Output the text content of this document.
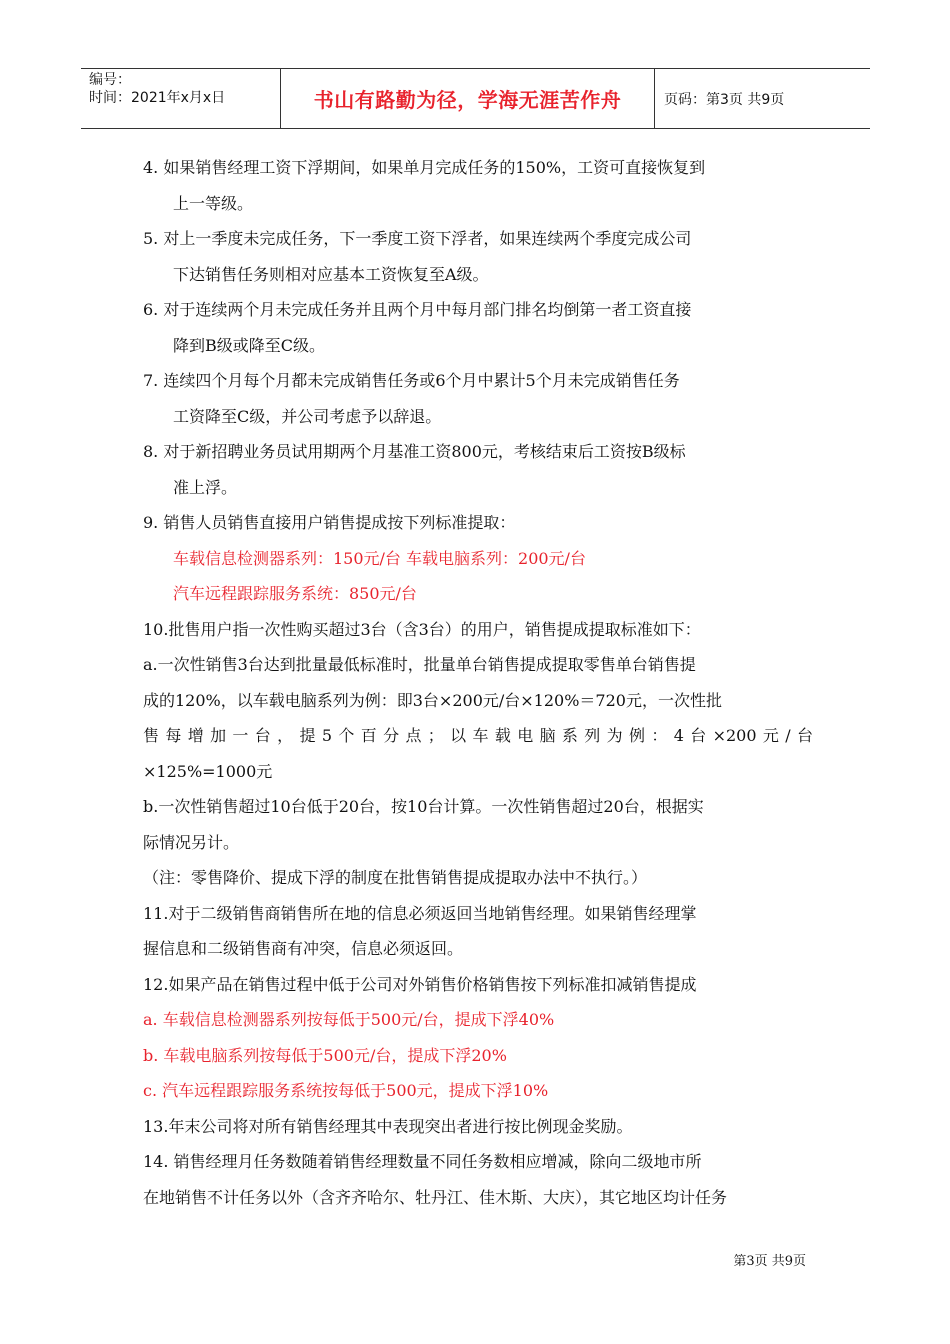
编号：
时间：2021年x月x日	书山有路勤为径，学海无涯苦作舟	页码：第3页 共9页
4. 如果销售经理工资下浮期间，如果单月完成任务的150%，工资可直接恢复到
上一等级。
5. 对上一季度未完成任务，下一季度工资下浮者，如果连续两个季度完成公司
下达销售任务则相对应基本工资恢复至A级。
6. 对于连续两个月未完成任务并且两个月中每月部门排名均倒第一者工资直接
降到B级或降至C级。
7. 连续四个月每个月都未完成销售任务或6个月中累计5个月未完成销售任务
工资降至C级，并公司考虑予以辞退。
8. 对于新招聘业务员试用期两个月基准工资800元，考核结束后工资按B级标
准上浮。
9. 销售人员销售直接用户销售提成按下列标准提取：
车载信息检测器系列：150元/台 车载电脑系列：200元/台
汽车远程跟踪服务系统：850元/台
10.批售用户指一次性购买超过3台（含3台）的用户，销售提成提取标准如下：
a.一次性销售3台达到批量最低标准时，批量单台销售提成提取零售单台销售提
成的120%，以车载电脑系列为例：即3台×200元/台×120%＝720元，一次性批
售每增加一台，提5个百分点；以车载电脑系列为例：4台×200元/台
×125%=1000元
b.一次性销售超过10台低于20台，按10台计算。一次性销售超过20台，根据实
际情况另计。
（注：零售降价、提成下浮的制度在批售销售提成提取办法中不执行。）
11.对于二级销售商销售所在地的信息必须返回当地销售经理。如果销售经理掌
握信息和二级销售商有冲突，信息必须返回。
12.如果产品在销售过程中低于公司对外销售价格销售按下列标准扣减销售提成
a. 车载信息检测器系列按每低于500元/台，提成下浮40%
b. 车载电脑系列按每低于500元/台，提成下浮20%
c. 汽车远程跟踪服务系统按每低于500元，提成下浮10%
13.年末公司将对所有销售经理其中表现突出者进行按比例现金奖励。
14. 销售经理月任务数随着销售经理数量不同任务数相应增减，除向二级地市所
在地销售不计任务以外（含齐齐哈尔、牡丹江、佳木斯、大庆），其它地区均计任务
第3页 共9页
